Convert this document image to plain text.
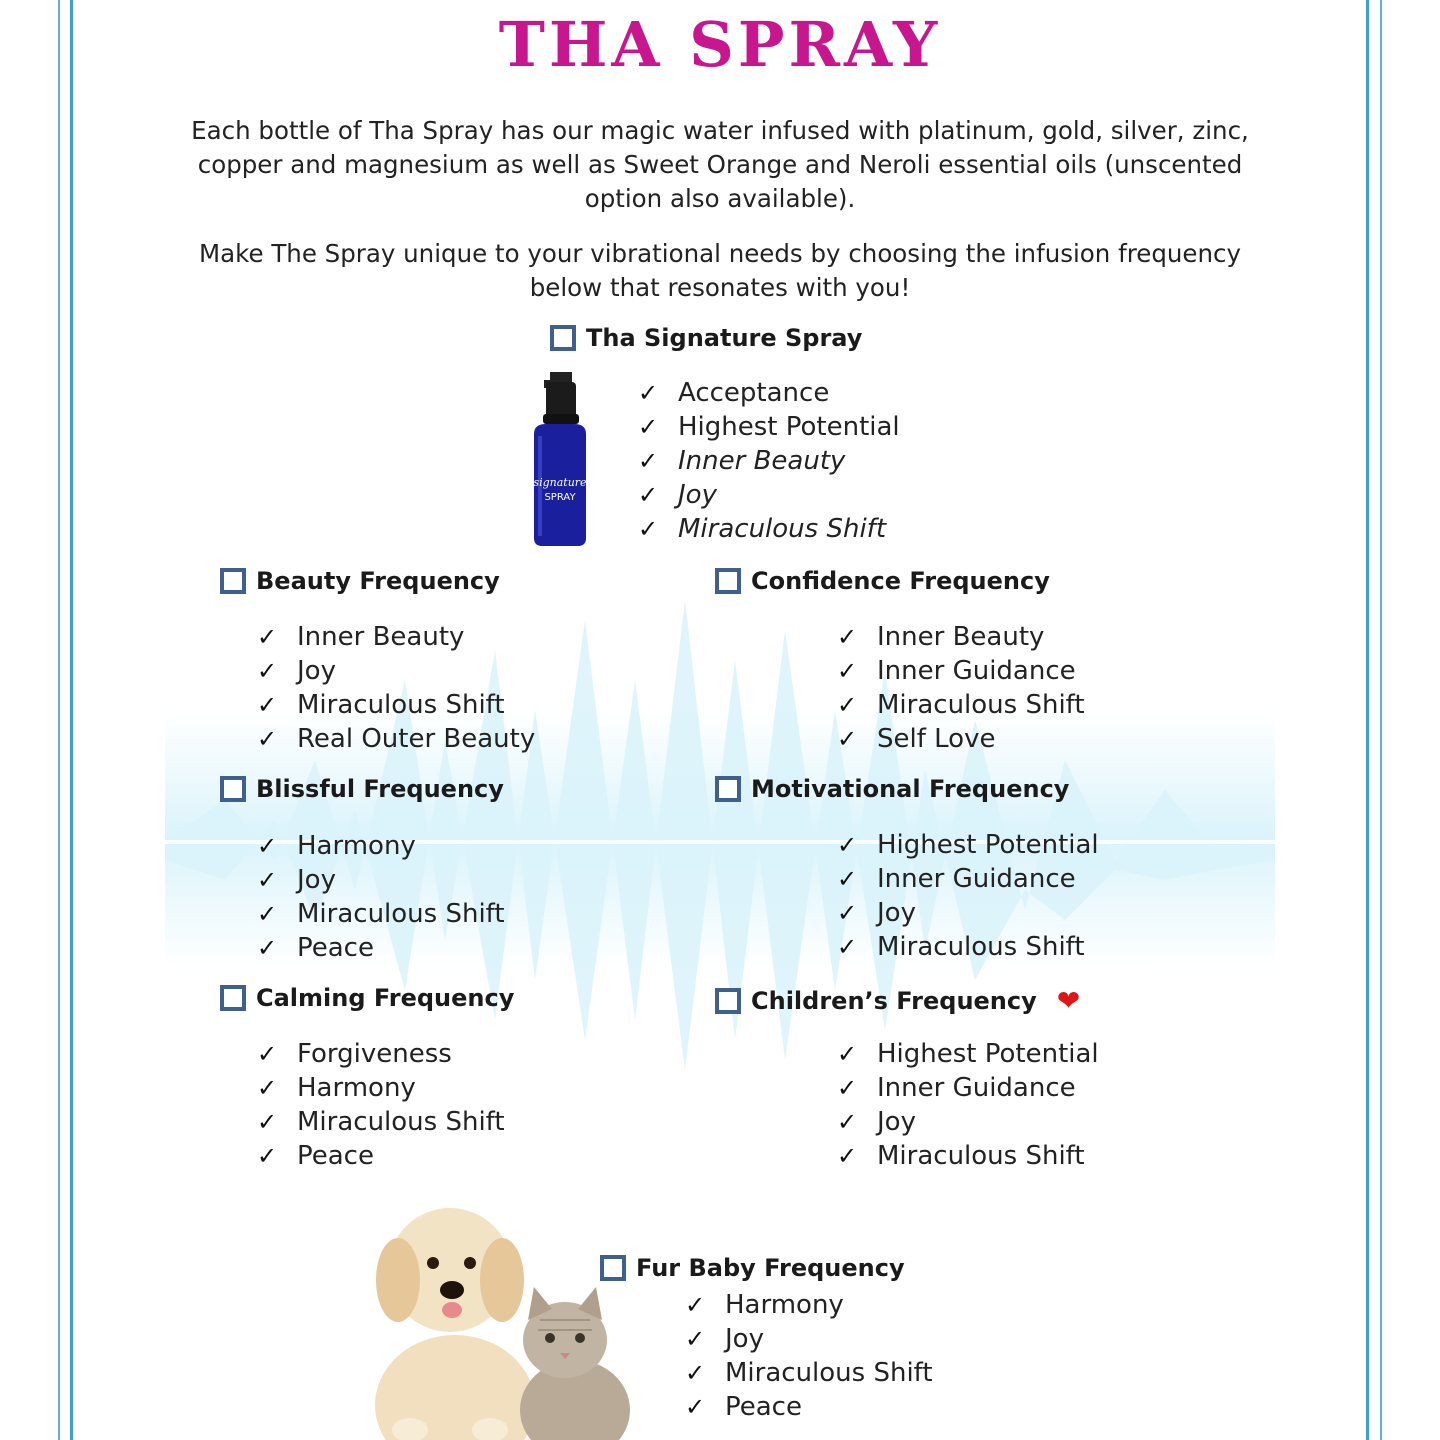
THA SPRAY

Each bottle of Tha Spray has our magic water infused with platinum, gold, silver, zinc, copper and magnesium as well as Sweet Orange and Neroli essential oils (unscented option also available).

Make The Spray unique to your vibrational needs by choosing the infusion frequency below that resonates with you!

Tha Signature Spray
signature
SPRAY
✓ Acceptance
✓ Highest Potential
✓ Inner Beauty
✓ Joy
✓ Miraculous Shift
Beauty Frequency
✓ Inner Beauty
✓ Joy
✓ Miraculous Shift
✓ Real Outer Beauty
Confidence Frequency
✓ Inner Beauty
✓ Inner Guidance
✓ Miraculous Shift
✓ Self Love
Blissful Frequency
✓ Harmony
✓ Joy
✓ Miraculous Shift
✓ Peace
Motivational Frequency
✓ Highest Potential
✓ Inner Guidance
✓ Joy
✓ Miraculous Shift
Calming Frequency
✓ Forgiveness
✓ Harmony
✓ Miraculous Shift
✓ Peace
Children’s Frequency ❤
✓ Highest Potential
✓ Inner Guidance
✓ Joy
✓ Miraculous Shift
Fur Baby Frequency
✓ Harmony
✓ Joy
✓ Miraculous Shift
✓ Peace
